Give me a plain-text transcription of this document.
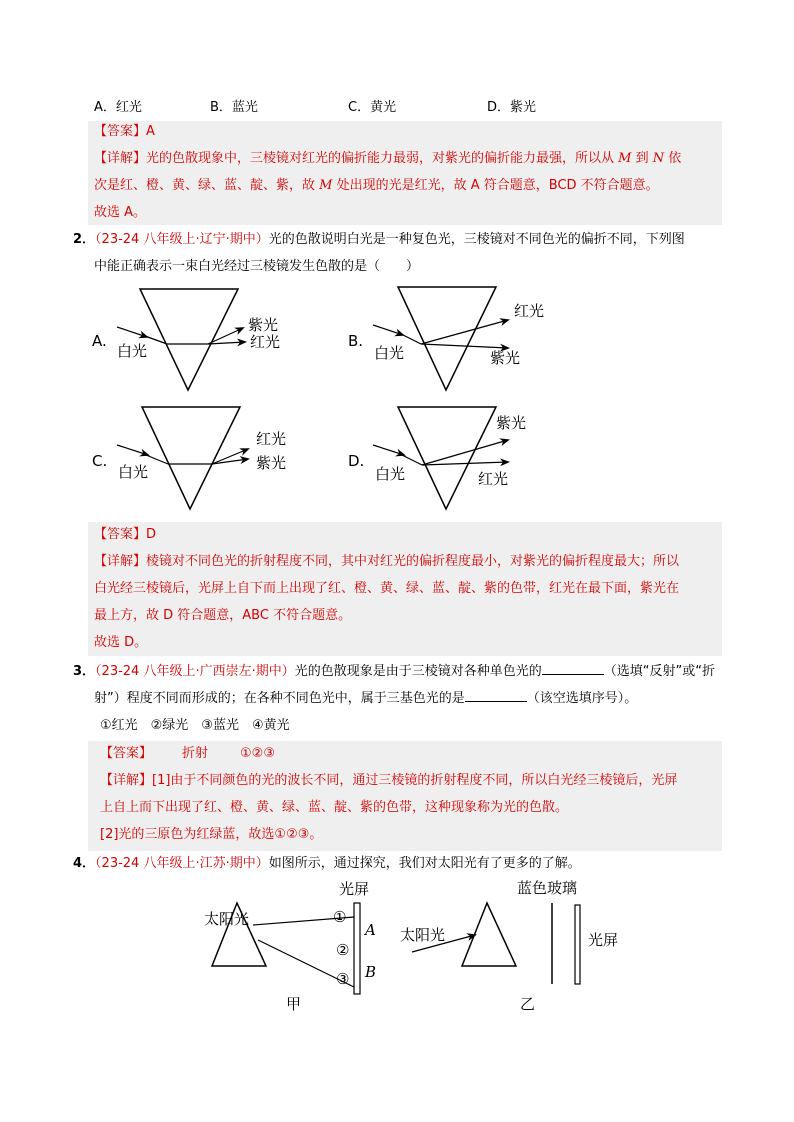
A．红光	B．蓝光	C．黄光	D．紫光
【答案】A
【详解】光的色散现象中，三棱镜对红光的偏折能力最弱，对紫光的偏折能力最强，所以从 M 到 N 依
次是红、橙、黄、绿、蓝、靛、紫，故 M 处出现的光是红光，故 A 符合题意，BCD 不符合题意。
故选 A。
2．（23-24 八年级上·辽宁·期中）光的色散说明白光是一种复色光，三棱镜对不同色光的偏折不同，下列图
中能正确表示一束白光经过三棱镜发生色散的是（　　）
A.
白光
紫光
红光	B.
白光
红光
紫光
C.
白光
红光
紫光	D.
白光
紫光
红光
【答案】D
【详解】棱镜对不同色光的折射程度不同，其中对红光的偏折程度最小，对紫光的偏折程度最大；所以
白光经三棱镜后，光屏上自下而上出现了红、橙、黄、绿、蓝、靛、紫的色带，红光在最下面，紫光在
最上方，故 D 符合题意，ABC 不符合题意。
故选 D。
3．（23-24 八年级上·广西崇左·期中）光的色散现象是由于三棱镜对各种单色光的	（选填“反射”或“折
射”）程度不同而形成的；在各种不同色光中，属于三基色光的是	（该空选填序号）。
①红光　②绿光　③蓝光　④黄光
【答案】 折射 ①②③
【详解】[1]由于不同颜色的光的波长不同，通过三棱镜的折射程度不同，所以白光经三棱镜后，光屏
上自上而下出现了红、橙、黄、绿、蓝、靛、紫的色带，这种现象称为光的色散。
[2]光的三原色为红绿蓝，故选①②③。
4．（23-24 八年级上·江苏·期中）如图所示，通过探究，我们对太阳光有了更多的了解。
太阳光
光屏
①
②
③
A
B
甲
太阳光
蓝色玻璃
光屏
乙
